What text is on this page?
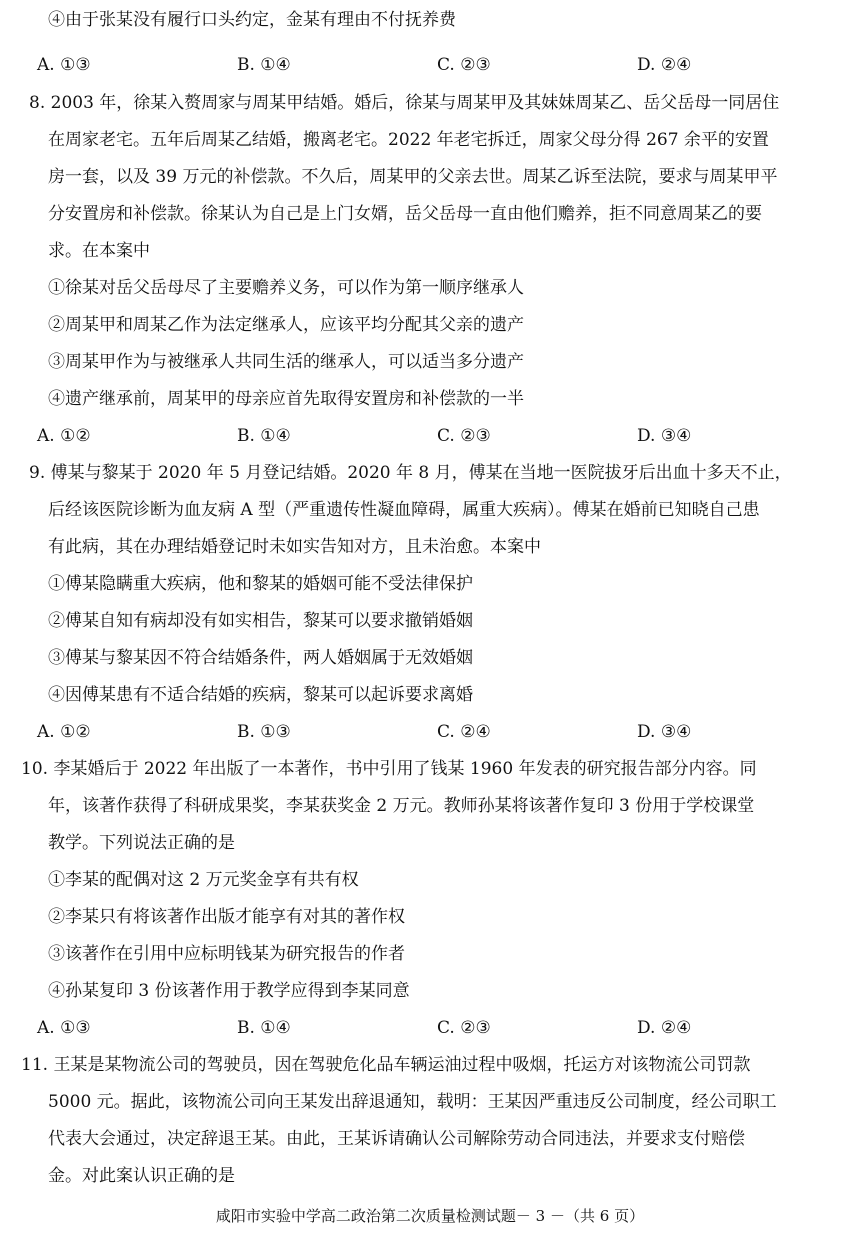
④由于张某没有履行口头约定，金某有理由不付抚养费
A. ①③	B. ①④	C. ②③	D. ②④
8. 2003 年，徐某入赘周家与周某甲结婚。婚后，徐某与周某甲及其妹妹周某乙、岳父岳母一同居住
在周家老宅。五年后周某乙结婚，搬离老宅。2022 年老宅拆迁，周家父母分得 267 余平的安置
房一套，以及 39 万元的补偿款。不久后，周某甲的父亲去世。周某乙诉至法院，要求与周某甲平
分安置房和补偿款。徐某认为自己是上门女婿，岳父岳母一直由他们赡养，拒不同意周某乙的要
求。在本案中
①徐某对岳父岳母尽了主要赡养义务，可以作为第一顺序继承人
②周某甲和周某乙作为法定继承人，应该平均分配其父亲的遗产
③周某甲作为与被继承人共同生活的继承人，可以适当多分遗产
④遗产继承前，周某甲的母亲应首先取得安置房和补偿款的一半
A. ①②	B. ①④	C. ②③	D. ③④
9. 傅某与黎某于 2020 年 5 月登记结婚。2020 年 8 月，傅某在当地一医院拔牙后出血十多天不止，
后经该医院诊断为血友病 A 型（严重遗传性凝血障碍，属重大疾病）。傅某在婚前已知晓自己患
有此病，其在办理结婚登记时未如实告知对方，且未治愈。本案中
①傅某隐瞒重大疾病，他和黎某的婚姻可能不受法律保护
②傅某自知有病却没有如实相告，黎某可以要求撤销婚姻
③傅某与黎某因不符合结婚条件，两人婚姻属于无效婚姻
④因傅某患有不适合结婚的疾病，黎某可以起诉要求离婚
A. ①②	B. ①③	C. ②④	D. ③④
10. 李某婚后于 2022 年出版了一本著作，书中引用了钱某 1960 年发表的研究报告部分内容。同
年，该著作获得了科研成果奖，李某获奖金 2 万元。教师孙某将该著作复印 3 份用于学校课堂
教学。下列说法正确的是
①李某的配偶对这 2 万元奖金享有共有权
②李某只有将该著作出版才能享有对其的著作权
③该著作在引用中应标明钱某为研究报告的作者
④孙某复印 3 份该著作用于教学应得到李某同意
A. ①③	B. ①④	C. ②③	D. ②④
11. 王某是某物流公司的驾驶员，因在驾驶危化品车辆运油过程中吸烟，托运方对该物流公司罚款
5000 元。据此，该物流公司向王某发出辞退通知，载明：王某因严重违反公司制度，经公司职工
代表大会通过，决定辞退王某。由此，王某诉请确认公司解除劳动合同违法，并要求支付赔偿
金。对此案认识正确的是
咸阳市实验中学高二政治第二次质量检测试题－ 3 －（共 6 页）
